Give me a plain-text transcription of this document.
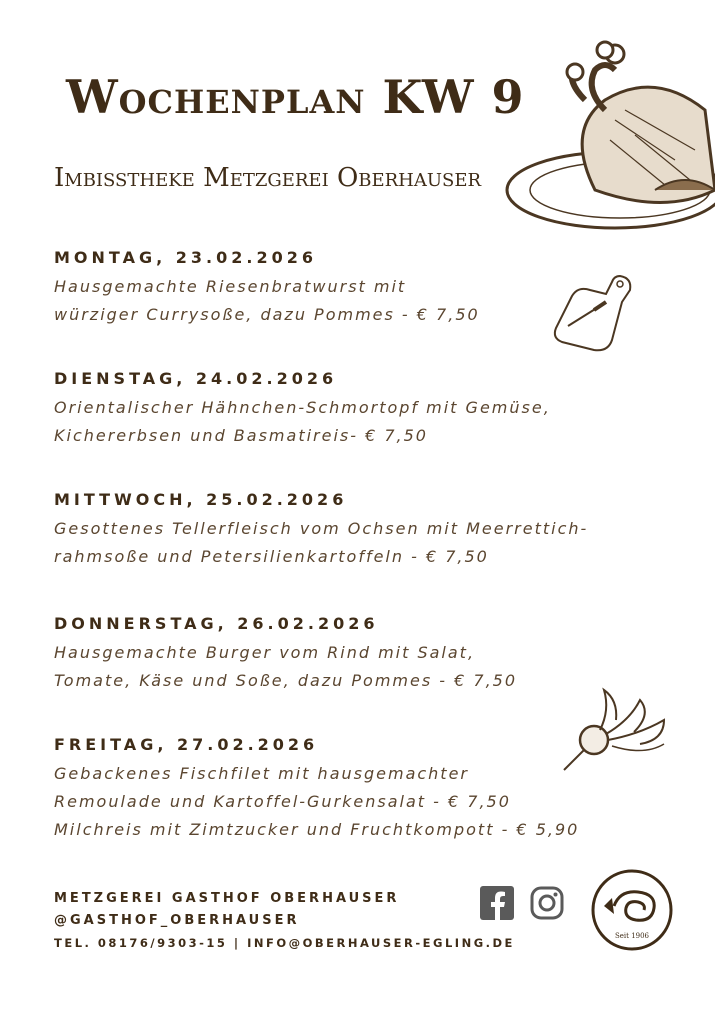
Wochenplan KW 9
Imbisstheke Metzgerei Oberhauser
MONTAG, 23.02.2026
Hausgemachte Riesenbratwurst mit
würziger Currysoße, dazu Pommes - € 7,50
DIENSTAG, 24.02.2026
Orientalischer Hähnchen-Schmortopf mit Gemüse,
Kichererbsen und Basmatireis- € 7,50
MITTWOCH, 25.02.2026
Gesottenes Tellerfleisch vom Ochsen mit Meerrettich-
rahmsoße und Petersilienkartoffeln - € 7,50
DONNERSTAG, 26.02.2026
Hausgemachte Burger vom Rind mit Salat,
Tomate, Käse und Soße, dazu Pommes - € 7,50
FREITAG, 27.02.2026
Gebackenes Fischfilet mit hausgemachter
Remoulade und Kartoffel-Gurkensalat - € 7,50
Milchreis mit Zimtzucker und Fruchtkompott - € 5,90
METZGEREI GASTHOF OBERHAUSER
@GASTHOF_OBERHAUSER
TEL. 08176/9303-15 | INFO@OBERHAUSER-EGLING.DE	Seit 1906
